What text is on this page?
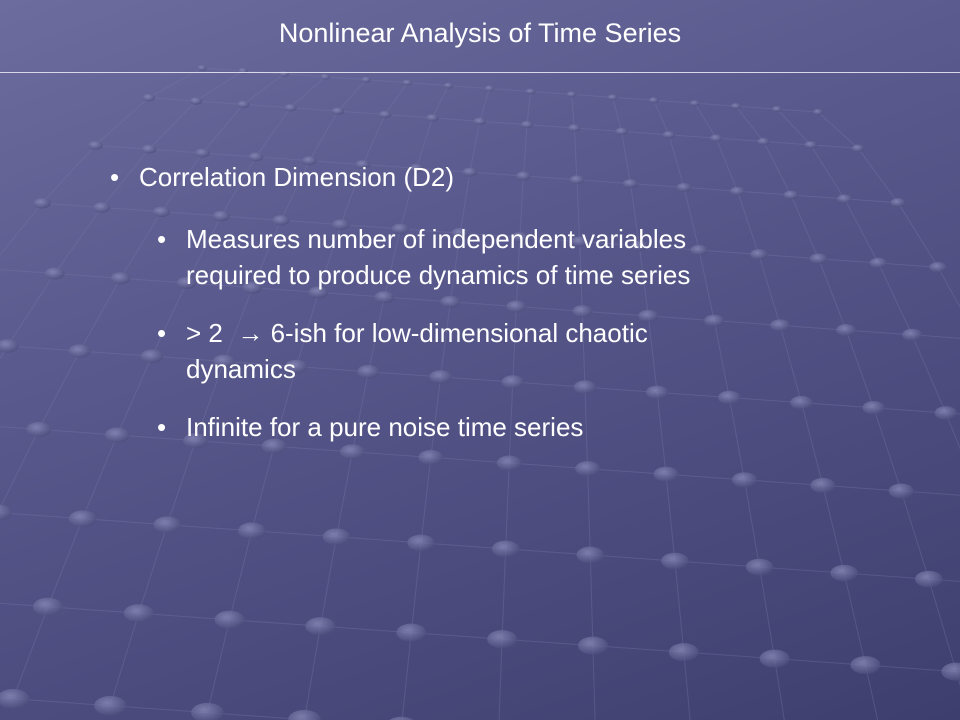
Nonlinear Analysis of Time Series
• Correlation Dimension (D2)
• Measures number of independent variables
required to produce dynamics of time series
• > 2 → 6-ish for low-dimensional chaotic
dynamics
• Infinite for a pure noise time series
